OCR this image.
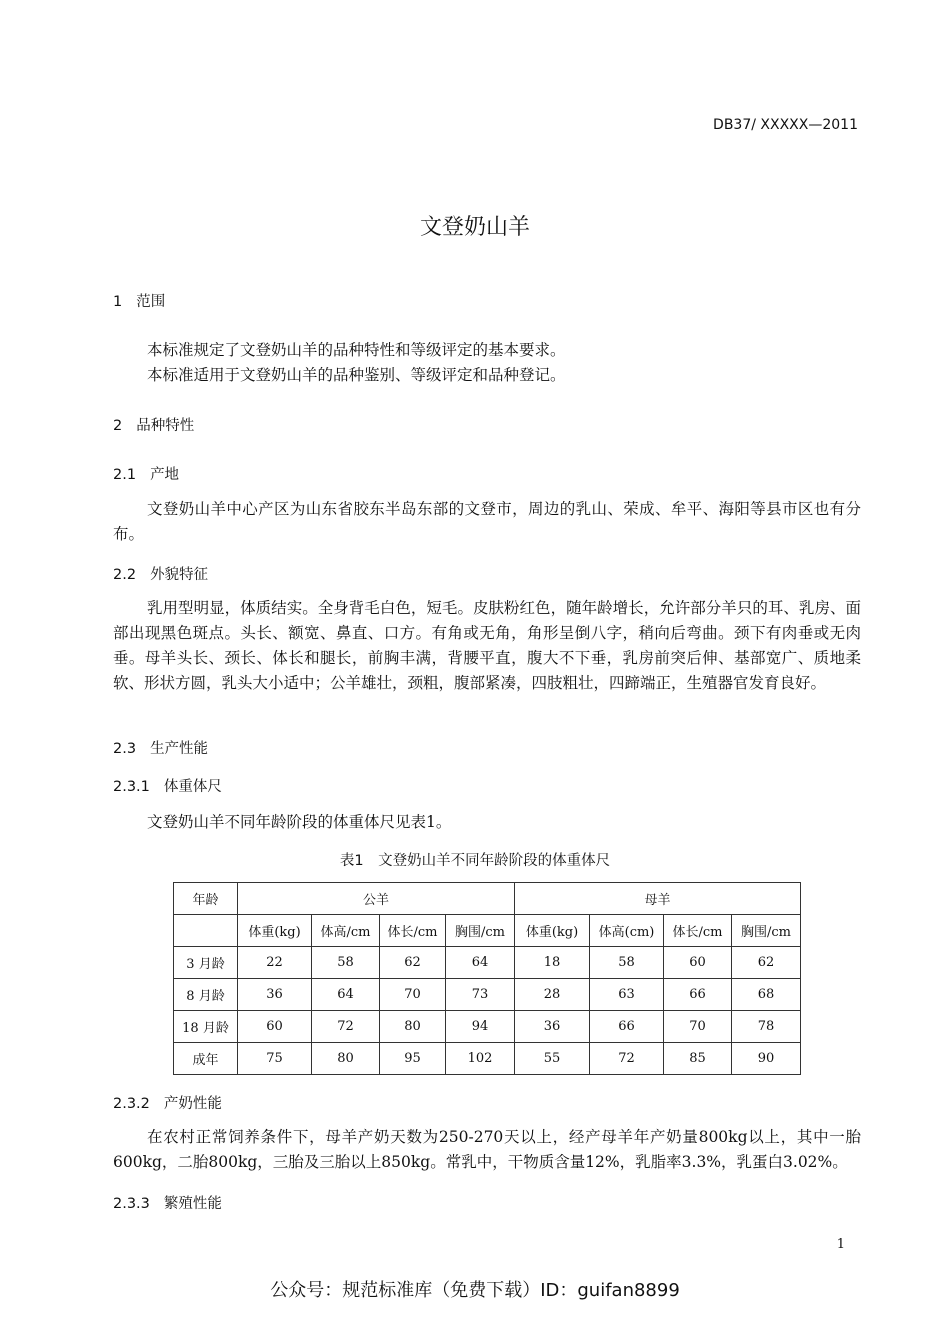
DB37/ XXXXX—2011
文登奶山羊
1 范围
本标准规定了文登奶山羊的品种特性和等级评定的基本要求。
本标准适用于文登奶山羊的品种鉴别、等级评定和品种登记。
2 品种特性
2.1 产地
文登奶山羊中心产区为山东省胶东半岛东部的文登市，周边的乳山、荣成、牟平、海阳等县市区也有分布。
2.2 外貌特征
乳用型明显，体质结实。全身背毛白色，短毛。皮肤粉红色，随年龄增长，允许部分羊只的耳、乳房、面部出现黑色斑点。头长、额宽、鼻直、口方。有角或无角，角形呈倒八字，稍向后弯曲。颈下有肉垂或无肉垂。母羊头长、颈长、体长和腿长，前胸丰满，背腰平直，腹大不下垂，乳房前突后伸、基部宽广、质地柔软、形状方圆，乳头大小适中；公羊雄壮，颈粗，腹部紧凑，四肢粗壮，四蹄端正，生殖器官发育良好。
2.3 生产性能
2.3.1 体重体尺
文登奶山羊不同年龄阶段的体重体尺见表1。
表1　文登奶山羊不同年龄阶段的体重体尺
年龄	公羊				母羊			
	体重(kg)	体高/cm	体长/cm	胸围/cm	体重(kg)	体高(cm)	体长/cm	胸围/cm
3 月龄	22	58	62	64	18	58	60	62
8 月龄	36	64	70	73	28	63	66	68
18 月龄	60	72	80	94	36	66	70	78
成年	75	80	95	102	55	72	85	90
2.3.2 产奶性能
在农村正常饲养条件下，母羊产奶天数为250-270天以上，经产母羊年产奶量800kg以上，其中一胎600kg，二胎800kg，三胎及三胎以上850kg。常乳中，干物质含量12%，乳脂率3.3%，乳蛋白3.02%。
2.3.3 繁殖性能
1
公众号：规范标准库（免费下载）ID：guifan8899
